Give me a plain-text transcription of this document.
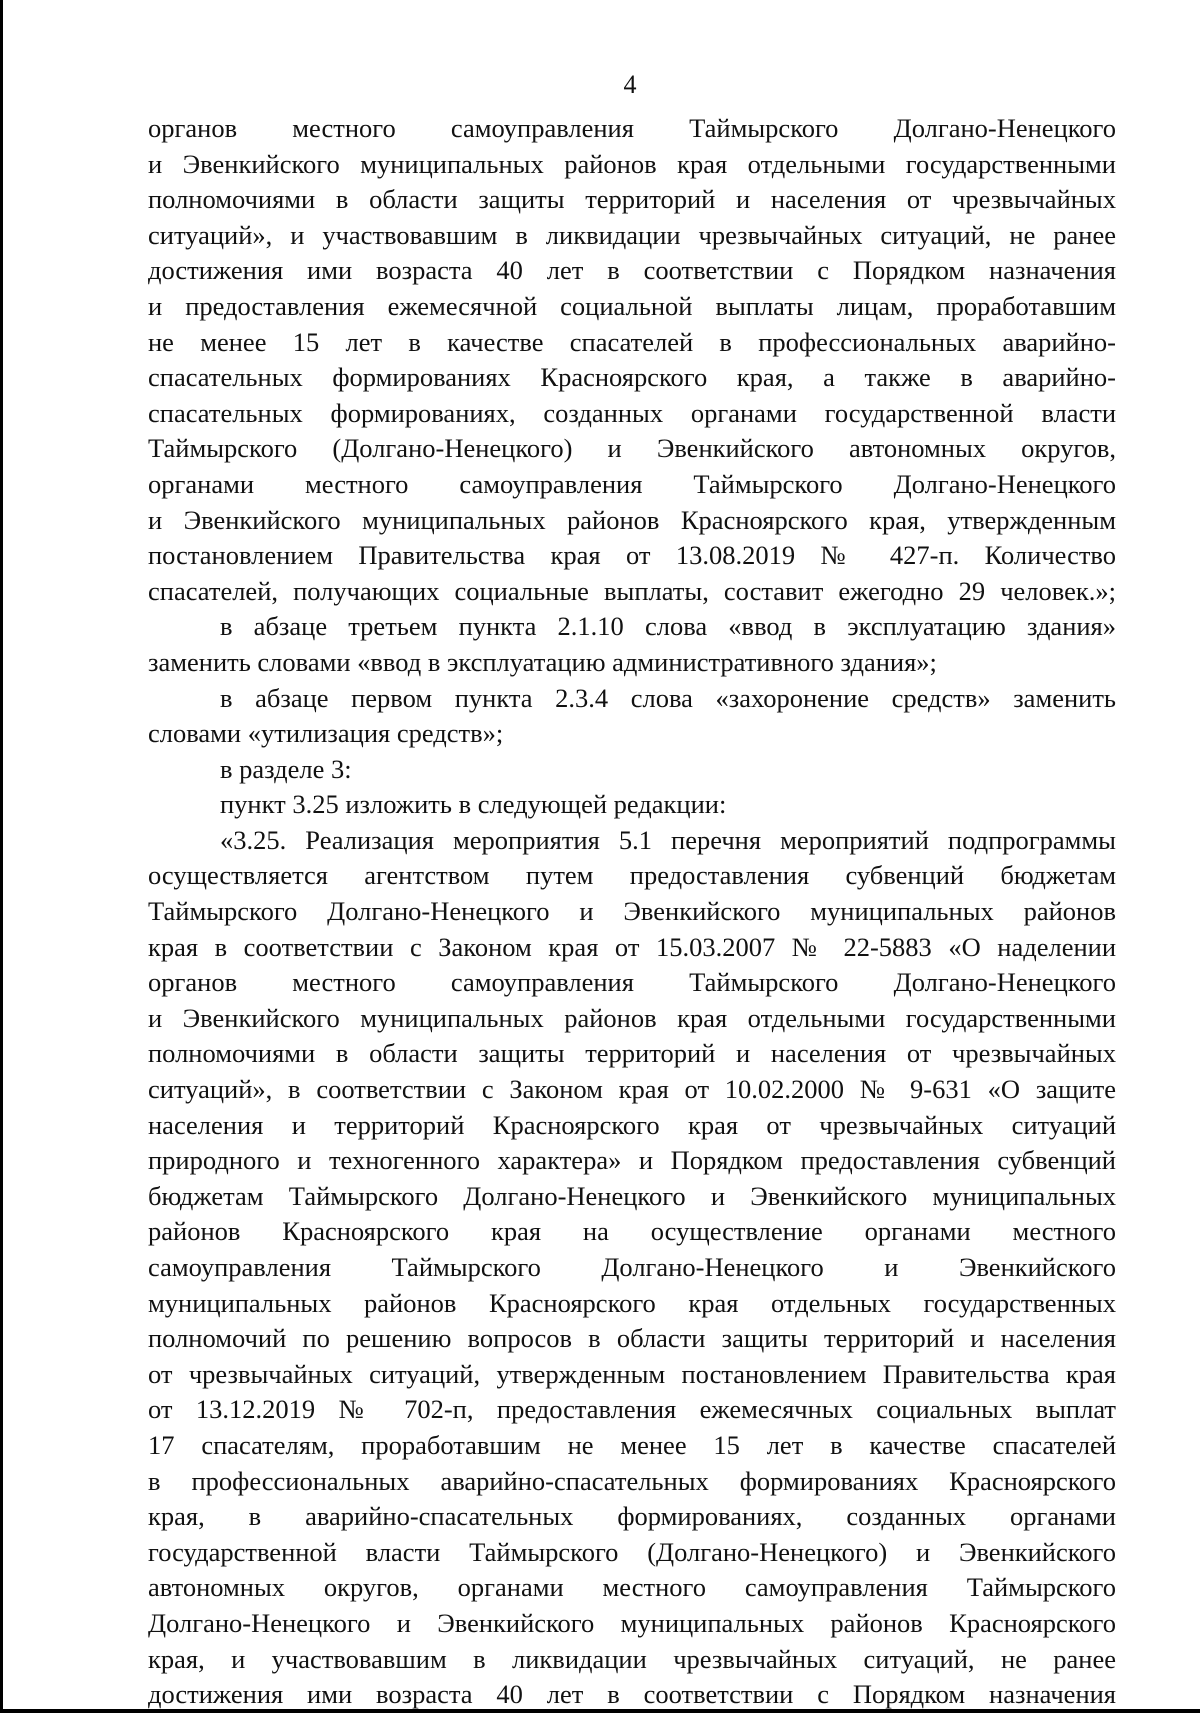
4
органов местного самоуправления Таймырского Долгано-Ненецкого
и Эвенкийского муниципальных районов края отдельными государственными
полномочиями в области защиты территорий и населения от чрезвычайных
ситуаций», и участвовавшим в ликвидации чрезвычайных ситуаций, не ранее
достижения ими возраста 40 лет в соответствии с Порядком назначения
и предоставления ежемесячной социальной выплаты лицам, проработавшим
не менее 15 лет в качестве спасателей в профессиональных аварийно-
спасательных формированиях Красноярского края, а также в аварийно-
спасательных формированиях, созданных органами государственной власти
Таймырского (Долгано-Ненецкого) и Эвенкийского автономных округов,
органами местного самоуправления Таймырского Долгано-Ненецкого
и Эвенкийского муниципальных районов Красноярского края, утвержденным
постановлением Правительства края от 13.08.2019 № 427-п. Количество
спасателей, получающих социальные выплаты, составит ежегодно 29 человек.»;
в абзаце третьем пункта 2.1.10 слова «ввод в эксплуатацию здания»
заменить словами «ввод в эксплуатацию административного здания»;
в абзаце первом пункта 2.3.4 слова «захоронение средств» заменить
словами «утилизация средств»;
в разделе 3:
пункт 3.25 изложить в следующей редакции:
«3.25. Реализация мероприятия 5.1 перечня мероприятий подпрограммы
осуществляется агентством путем предоставления субвенций бюджетам
Таймырского Долгано-Ненецкого и Эвенкийского муниципальных районов
края в соответствии с Законом края от 15.03.2007 № 22-5883 «О наделении
органов местного самоуправления Таймырского Долгано-Ненецкого
и Эвенкийского муниципальных районов края отдельными государственными
полномочиями в области защиты территорий и населения от чрезвычайных
ситуаций», в соответствии с Законом края от 10.02.2000 № 9-631 «О защите
населения и территорий Красноярского края от чрезвычайных ситуаций
природного и техногенного характера» и Порядком предоставления субвенций
бюджетам Таймырского Долгано-Ненецкого и Эвенкийского муниципальных
районов Красноярского края на осуществление органами местного
самоуправления Таймырского Долгано-Ненецкого и Эвенкийского
муниципальных районов Красноярского края отдельных государственных
полномочий по решению вопросов в области защиты территорий и населения
от чрезвычайных ситуаций, утвержденным постановлением Правительства края
от 13.12.2019 № 702-п, предоставления ежемесячных социальных выплат
17 спасателям, проработавшим не менее 15 лет в качестве спасателей
в профессиональных аварийно-спасательных формированиях Красноярского
края, в аварийно-спасательных формированиях, созданных органами
государственной власти Таймырского (Долгано-Ненецкого) и Эвенкийского
автономных округов, органами местного самоуправления Таймырского
Долгано-Ненецкого и Эвенкийского муниципальных районов Красноярского
края, и участвовавшим в ликвидации чрезвычайных ситуаций, не ранее
достижения ими возраста 40 лет в соответствии с Порядком назначения
